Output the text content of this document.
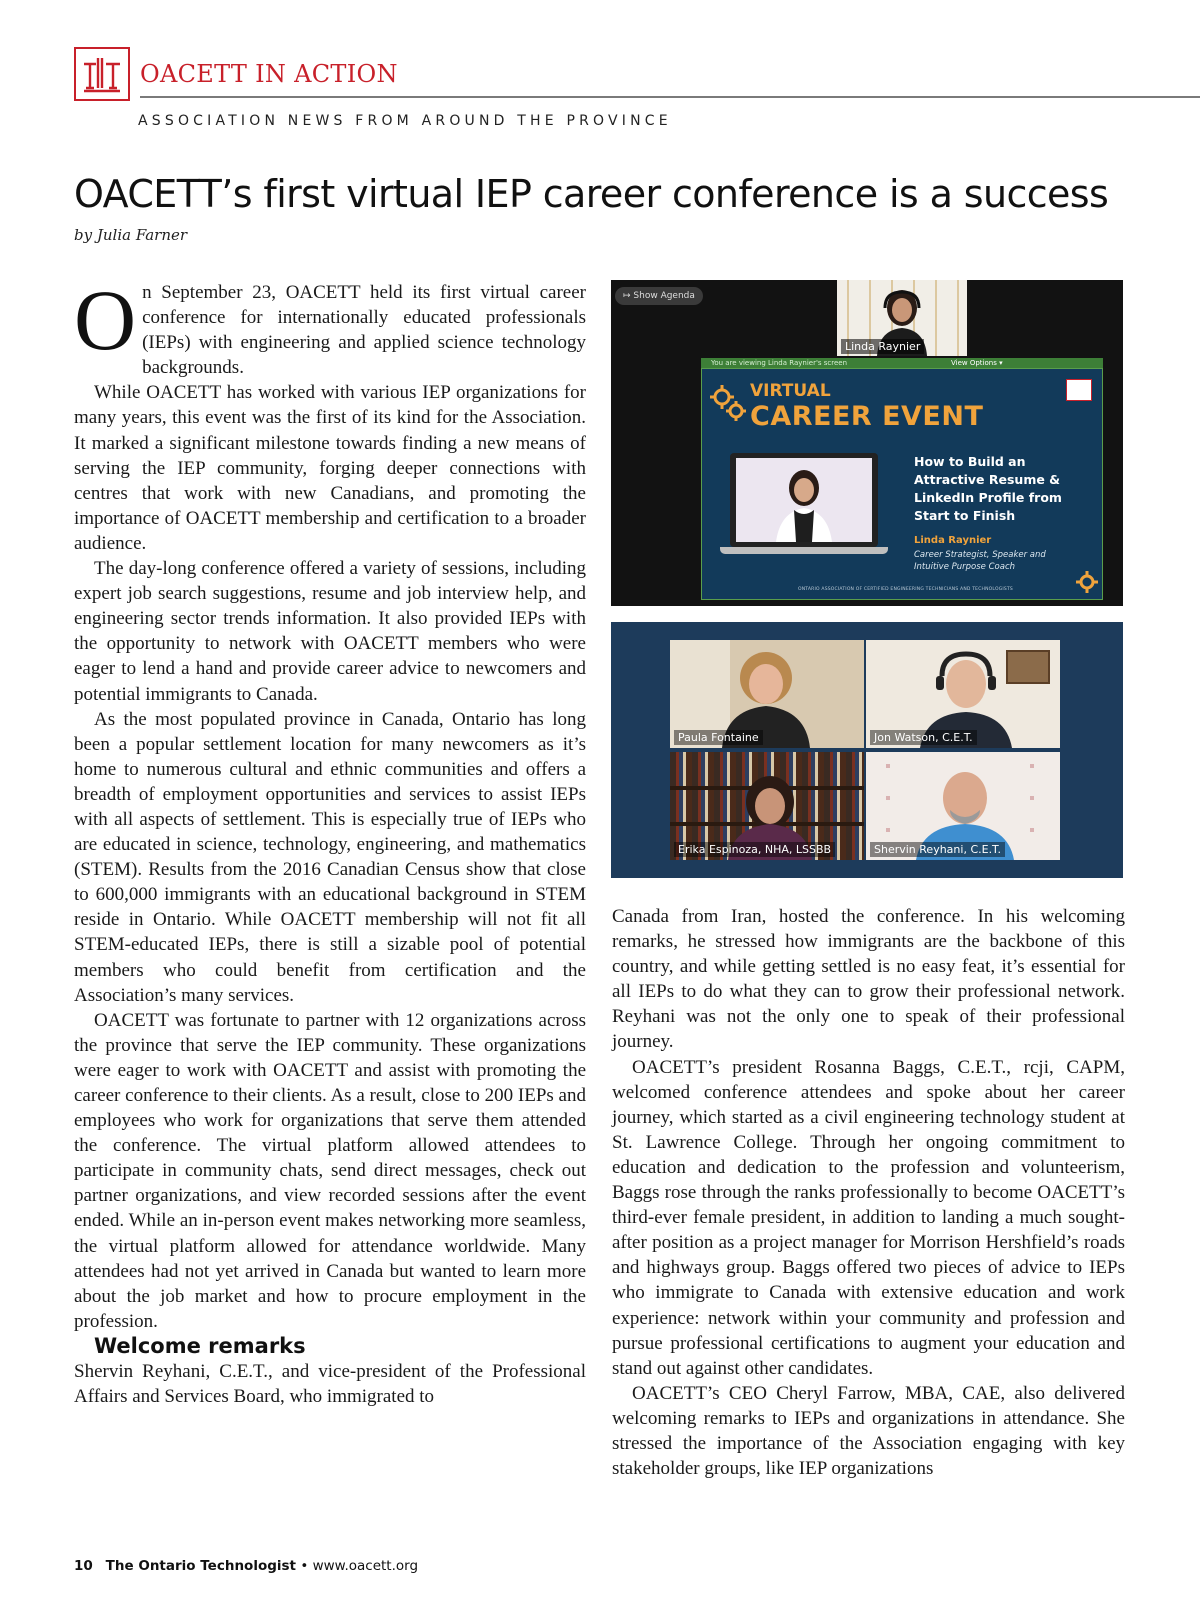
OACETT IN ACTION
ASSOCIATION NEWS FROM AROUND THE PROVINCE
OACETT’s first virtual IEP career conference is a success
by Julia Farner

On September 23, OACETT held its first virtual career conference for internationally educated professionals (IEPs) with engineering and applied science technology backgrounds.

While OACETT has worked with various IEP organizations for many years, this event was the first of its kind for the Association. It marked a significant milestone towards finding a new means of serving the IEP community, forging deeper connections with centres that work with new Canadians, and promoting the importance of OACETT membership and certification to a broader audience.

The day-long conference offered a variety of sessions, including expert job search suggestions, resume and job interview help, and engineering sector trends information. It also provided IEPs with the opportunity to network with OACETT members who were eager to lend a hand and provide career advice to newcomers and potential immigrants to Canada.

As the most populated province in Canada, Ontario has long been a popular settlement location for many newcomers as it’s home to numerous cultural and ethnic communities and offers a breadth of employment opportunities and services to assist IEPs with all aspects of settlement. This is especially true of IEPs who are educated in science, technology, engineering, and mathematics (STEM). Results from the 2016 Canadian Census show that close to 600,000 immigrants with an educational background in STEM reside in Ontario. While OACETT membership will not fit all STEM-educated IEPs, there is still a sizable pool of potential members who could benefit from certification and the Association’s many services.

OACETT was fortunate to partner with 12 organizations across the province that serve the IEP community. These organizations were eager to work with OACETT and assist with promoting the career conference to their clients. As a result, close to 200 IEPs and employees who work for organizations that serve them attended the conference. The virtual platform allowed attendees to participate in community chats, send direct messages, check out partner organizations, and view recorded sessions after the event ended. While an in-person event makes networking more seamless, the virtual platform allowed for attendance worldwide. Many attendees had not yet arrived in Canada but wanted to learn more about the job market and how to procure employment in the profession.

Welcome remarks

Shervin Reyhani, C.E.T., and vice-president of the Professional Affairs and Services Board, who immigrated to

↦ Show Agenda
Linda Raynier
You are viewing Linda Raynier's screen	View Options ▾
VIRTUAL
CAREER EVENT
How to Build an Attractive Resume & LinkedIn Profile from Start to Finish
Linda Raynier
Career Strategist, Speaker and Intuitive Purpose Coach
ONTARIO ASSOCIATION OF CERTIFIED ENGINEERING TECHNICIANS AND TECHNOLOGISTS
Paula Fontaine	Jon Watson, C.E.T.
Erika Espinoza, NHA, LSSBB	Shervin Reyhani, C.E.T.

Canada from Iran, hosted the conference. In his welcoming remarks, he stressed how immigrants are the backbone of this country, and while getting settled is no easy feat, it’s essential for all IEPs to do what they can to grow their professional network. Reyhani was not the only one to speak of their professional journey.

OACETT’s president Rosanna Baggs, C.E.T., rcji, CAPM, welcomed conference attendees and spoke about her career journey, which started as a civil engineering technology student at St. Lawrence College. Through her ongoing commitment to education and dedication to the profession and volunteerism, Baggs rose through the ranks professionally to become OACETT’s third-ever female president, in addition to landing a much sought-after position as a project manager for Morrison Hershfield’s roads and highways group. Baggs offered two pieces of advice to IEPs who immigrate to Canada with extensive education and work experience: network within your community and profession and pursue professional certifications to augment your education and stand out against other candidates.

OACETT’s CEO Cheryl Farrow, MBA, CAE, also delivered welcoming remarks to IEPs and organizations in attendance. She stressed the importance of the Association engaging with key stakeholder groups, like IEP organizations

10 The Ontario Technologist • www.oacett.org
